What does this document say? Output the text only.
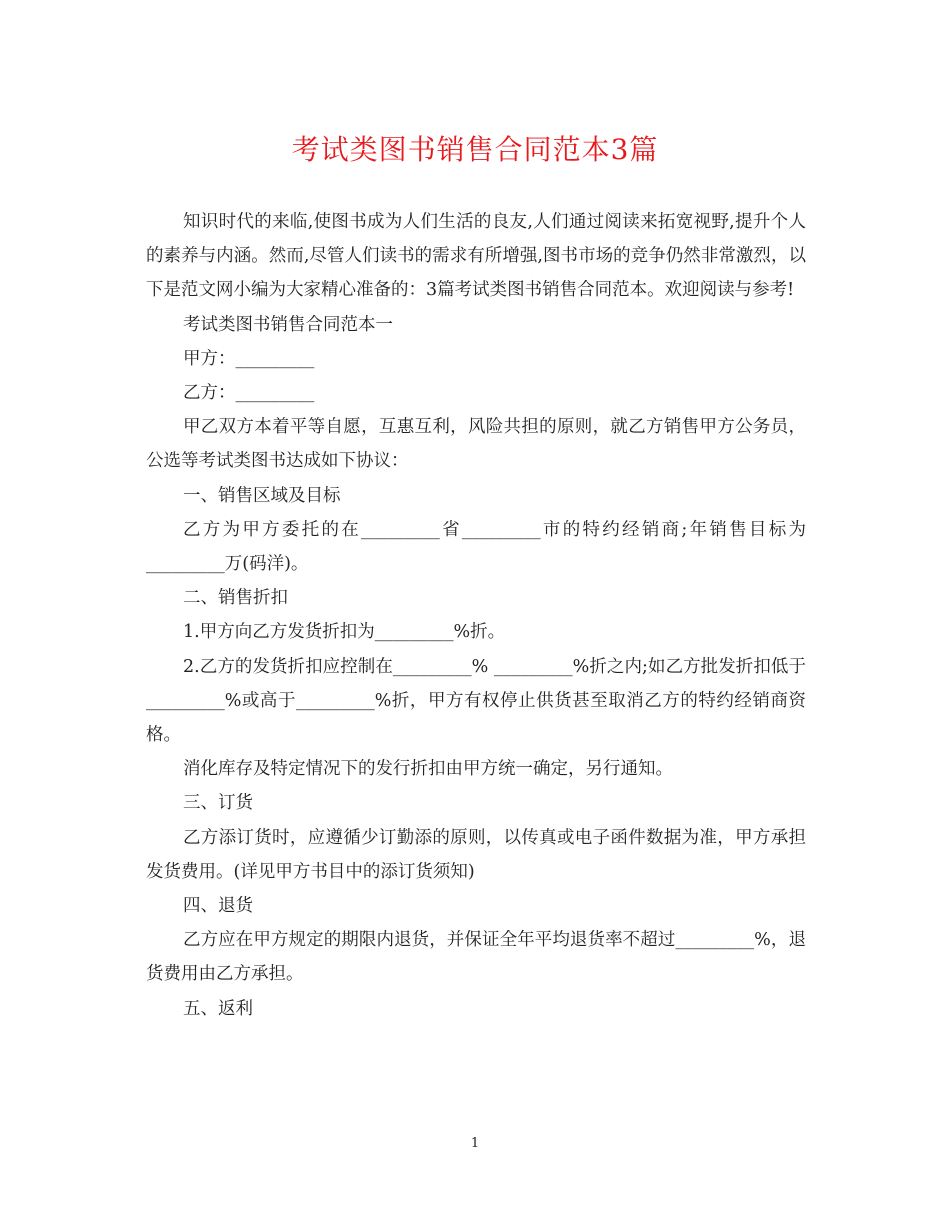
考试类图书销售合同范本3篇

知识时代的来临,使图书成为人们生活的良友,人们通过阅读来拓宽视野,提升个人的素养与内涵。然而,尽管人们读书的需求有所增强,图书市场的竞争仍然非常激烈，以下是范文网小编为大家精心准备的：3篇考试类图书销售合同范本。欢迎阅读与参考!

考试类图书销售合同范本一

甲方：_________

乙方：_________

甲乙双方本着平等自愿，互惠互利，风险共担的原则，就乙方销售甲方公务员，公选等考试类图书达成如下协议：

一、销售区域及目标

乙方为甲方委托的在_________省_________市的特约经销商;年销售目标为_________万(码洋)。

二、销售折扣

1.甲方向乙方发货折扣为_________%折。

2.乙方的发货折扣应控制在_________% _________%折之内;如乙方批发折扣低于_________%或高于_________%折，甲方有权停止供货甚至取消乙方的特约经销商资格。

消化库存及特定情况下的发行折扣由甲方统一确定，另行通知。

三、订货

乙方添订货时，应遵循少订勤添的原则，以传真或电子函件数据为准，甲方承担发货费用。(详见甲方书目中的添订货须知)

四、退货

乙方应在甲方规定的期限内退货，并保证全年平均退货率不超过_________%，退货费用由乙方承担。

五、返利

1
